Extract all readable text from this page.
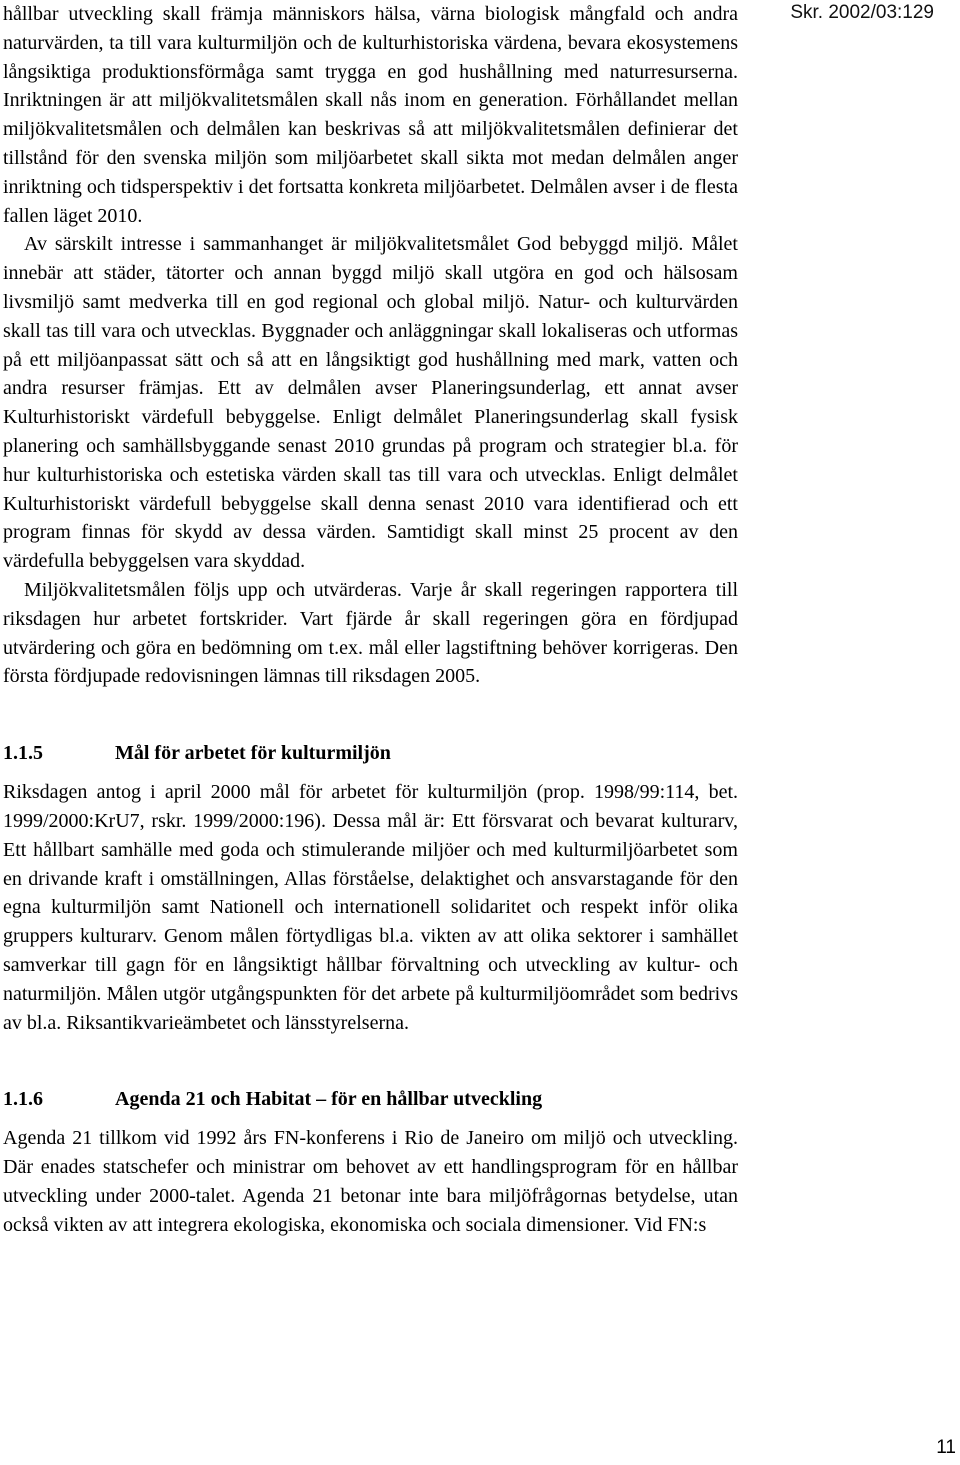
Skr. 2002/03:129

hållbar utveckling skall främja människors hälsa, värna biologisk mångfald och andra naturvärden, ta till vara kulturmiljön och de kulturhistoriska värdena, bevara ekosystemens långsiktiga produktionsförmåga samt trygga en god hushållning med naturresurserna. Inriktningen är att miljökvalitetsmålen skall nås inom en generation. Förhållandet mellan miljökvalitetsmålen och delmålen kan beskrivas så att miljökvalitetsmålen definierar det tillstånd för den svenska miljön som miljöarbetet skall sikta mot medan delmålen anger inriktning och tidsperspektiv i det fortsatta konkreta miljöarbetet. Delmålen avser i de flesta fallen läget 2010.

Av särskilt intresse i sammanhanget är miljökvalitetsmålet God bebyggd miljö. Målet innebär att städer, tätorter och annan byggd miljö skall utgöra en god och hälsosam livsmiljö samt medverka till en god regional och global miljö. Natur- och kulturvärden skall tas till vara och utvecklas. Byggnader och anläggningar skall lokaliseras och utformas på ett miljöanpassat sätt och så att en långsiktigt god hushållning med mark, vatten och andra resurser främjas. Ett av delmålen avser Planeringsunderlag, ett annat avser Kulturhistoriskt värdefull bebyggelse. Enligt delmålet Planeringsunderlag skall fysisk planering och samhällsbyggande senast 2010 grundas på program och strategier bl.a. för hur kulturhistoriska och estetiska värden skall tas till vara och utvecklas. Enligt delmålet Kulturhistoriskt värdefull bebyggelse skall denna senast 2010 vara identifierad och ett program finnas för skydd av dessa värden. Samtidigt skall minst 25 procent av den värdefulla bebyggelsen vara skyddad.

Miljökvalitetsmålen följs upp och utvärderas. Varje år skall regeringen rapportera till riksdagen hur arbetet fortskrider. Vart fjärde år skall regeringen göra en fördjupad utvärdering och göra en bedömning om t.ex. mål eller lagstiftning behöver korrigeras. Den första fördjupade redovisningen lämnas till riksdagen 2005.

1.1.5	Mål för arbetet för kulturmiljön

Riksdagen antog i april 2000 mål för arbetet för kulturmiljön (prop. 1998/99:114, bet. 1999/2000:KrU7, rskr. 1999/2000:196). Dessa mål är: Ett försvarat och bevarat kulturarv, Ett hållbart samhälle med goda och stimulerande miljöer och med kulturmiljöarbetet som en drivande kraft i omställningen, Allas förståelse, delaktighet och ansvarstagande för den egna kulturmiljön samt Nationell och internationell solidaritet och respekt inför olika gruppers kulturarv. Genom målen förtydligas bl.a. vikten av att olika sektorer i samhället samverkar till gagn för en långsiktigt hållbar förvaltning och utveckling av kultur- och naturmiljön. Målen utgör utgångspunkten för det arbete på kulturmiljöområdet som bedrivs av bl.a. Riksantikvarieämbetet och länsstyrelserna.

1.1.6	Agenda 21 och Habitat – för en hållbar utveckling

Agenda 21 tillkom vid 1992 års FN-konferens i Rio de Janeiro om miljö och utveckling. Där enades statschefer och ministrar om behovet av ett handlingsprogram för en hållbar utveckling under 2000-talet. Agenda 21 betonar inte bara miljöfrågornas betydelse, utan också vikten av att integrera ekologiska, ekonomiska och sociala dimensioner. Vid FN:s

11
